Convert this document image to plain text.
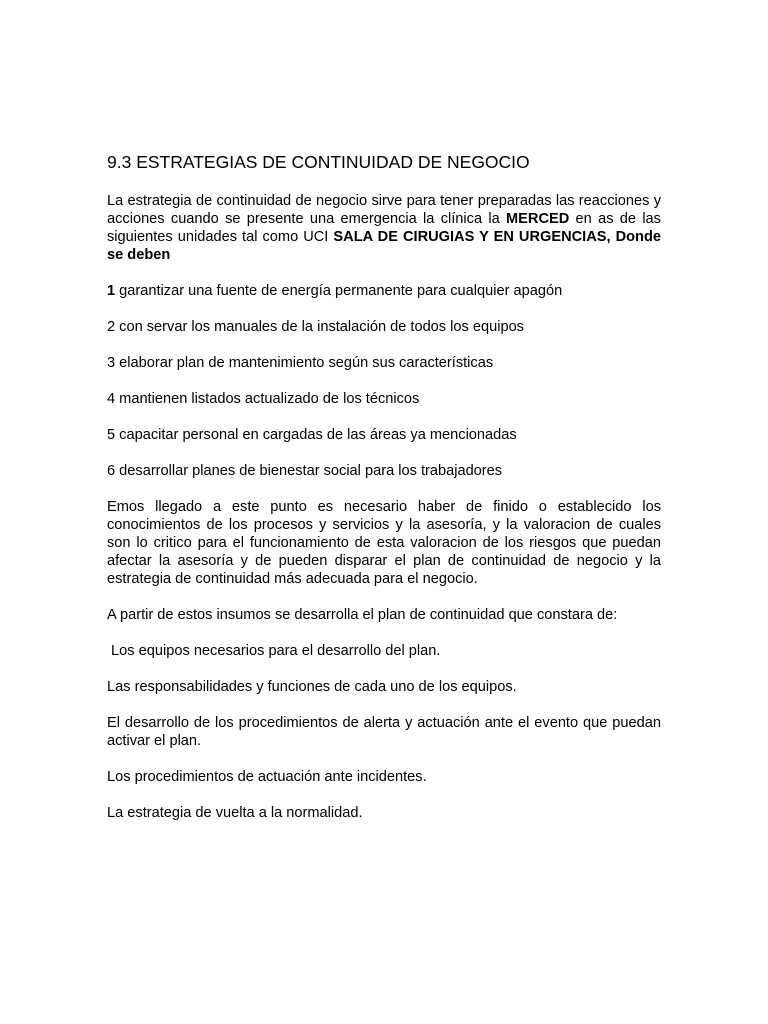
9.3 ESTRATEGIAS DE CONTINUIDAD DE NEGOCIO

La estrategia de continuidad de negocio sirve para tener preparadas las reacciones y acciones cuando se presente una emergencia la clínica la MERCED en as de las siguientes unidades tal como UCI SALA DE CIRUGIAS Y EN URGENCIAS, Donde se deben

1 garantizar una fuente de energía permanente para cualquier apagón

2 con servar los manuales de la instalación de todos los equipos

3 elaborar plan de mantenimiento según sus características

4 mantienen listados actualizado de los técnicos

5 capacitar personal en cargadas de las áreas ya mencionadas

6 desarrollar planes de bienestar social para los trabajadores

Emos llegado a este punto es necesario haber de finido o establecido los conocimientos de los procesos y servicios y la asesoría, y la valoracion de cuales son lo critico para el funcionamiento de esta valoracion de los riesgos que puedan afectar la asesoría y de pueden disparar el plan de continuidad de negocio y la estrategia de continuidad más adecuada para el negocio.

A partir de estos insumos se desarrolla el plan de continuidad que constara de:

Los equipos necesarios para el desarrollo del plan.

Las responsabilidades y funciones de cada uno de los equipos.

El desarrollo de los procedimientos de alerta y actuación ante el evento que puedan activar el plan.

Los procedimientos de actuación ante incidentes.

La estrategia de vuelta a la normalidad.
